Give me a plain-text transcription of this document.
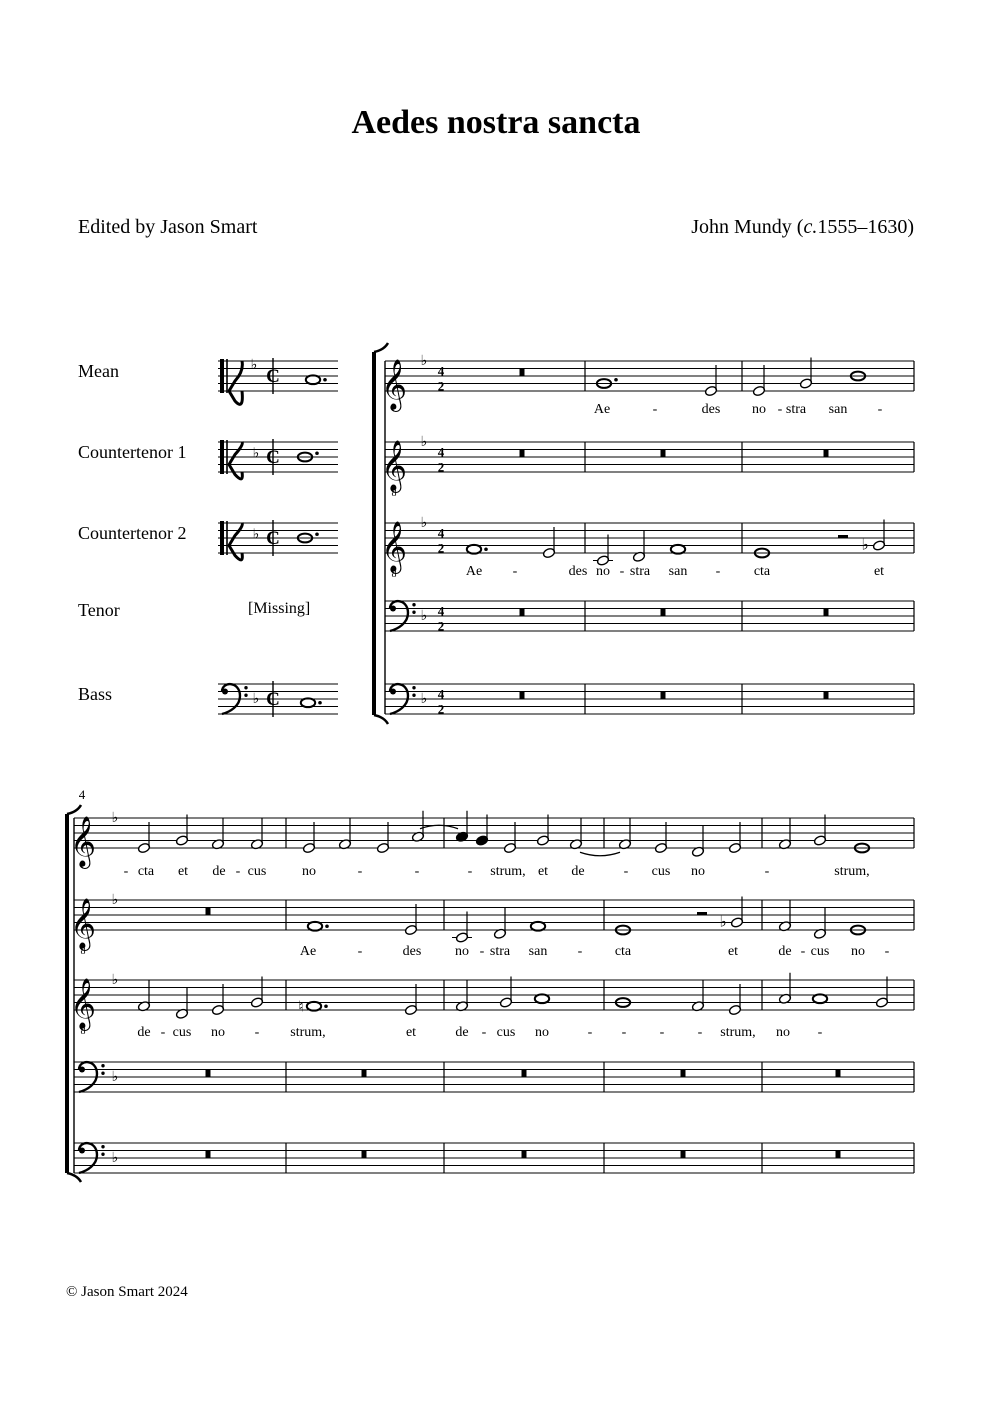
Aedes nostra sancta
Edited by Jason Smart	John Mundy (c.1555–1630)
Mean
Countertenor 1
Countertenor 2
Tenor
Bass
[Missing]
© Jason Smart 2024
♭
C
♭ C
♭ C
♭ C
𝄞 ♭
4
2
𝄞
8
♭
4
2
𝄞
8
♭
4
2
♭ 4
2
♭ 4
2
♭
Ae	-	des no - stra san -
Ae -	des no - stra san - cta	et
4
𝄞 ♭
𝄞
8
♭
𝄞
8
♭
♭
♭
♭
♮
- cta et de - cus	no	-	-	- strum, et de	- cus no	-	strum,
Ae	-	des no - stra san - cta	et	de - cus no -
de - cus no - strum,	et	de - cus no	- - - - strum, no -
